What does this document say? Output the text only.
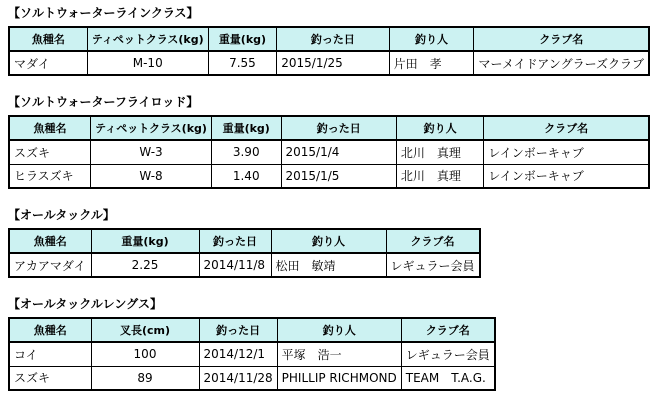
【ソルトウォーターラインクラス】
魚種名	ティペットクラス(kg)	重量(kg)	釣った日	釣り人	クラブ名
マダイ	M-10	7.55	2015/1/25	片田　孝	マーメイドアングラーズクラブ
【ソルトウォーターフライロッド】
魚種名	ティペットクラス(kg)	重量(kg)	釣った日	釣り人	クラブ名
スズキ	W-3	3.90	2015/1/4	北川　真理	レインボーキャブ
ヒラスズキ	W-8	1.40	2015/1/5	北川　真理	レインボーキャブ
【オールタックル】
魚種名	重量(kg)	釣った日	釣り人	クラブ名
アカアマダイ	2.25	2014/11/8	松田　敏靖	レギュラー会員
【オールタックルレングス】
魚種名	叉長(cm)	釣った日	釣り人	クラブ名
コイ	100	2014/12/1	平塚　浩一	レギュラー会員
スズキ	89	2014/11/28	PHILLIP RICHMOND	TEAM　T.A.G.
